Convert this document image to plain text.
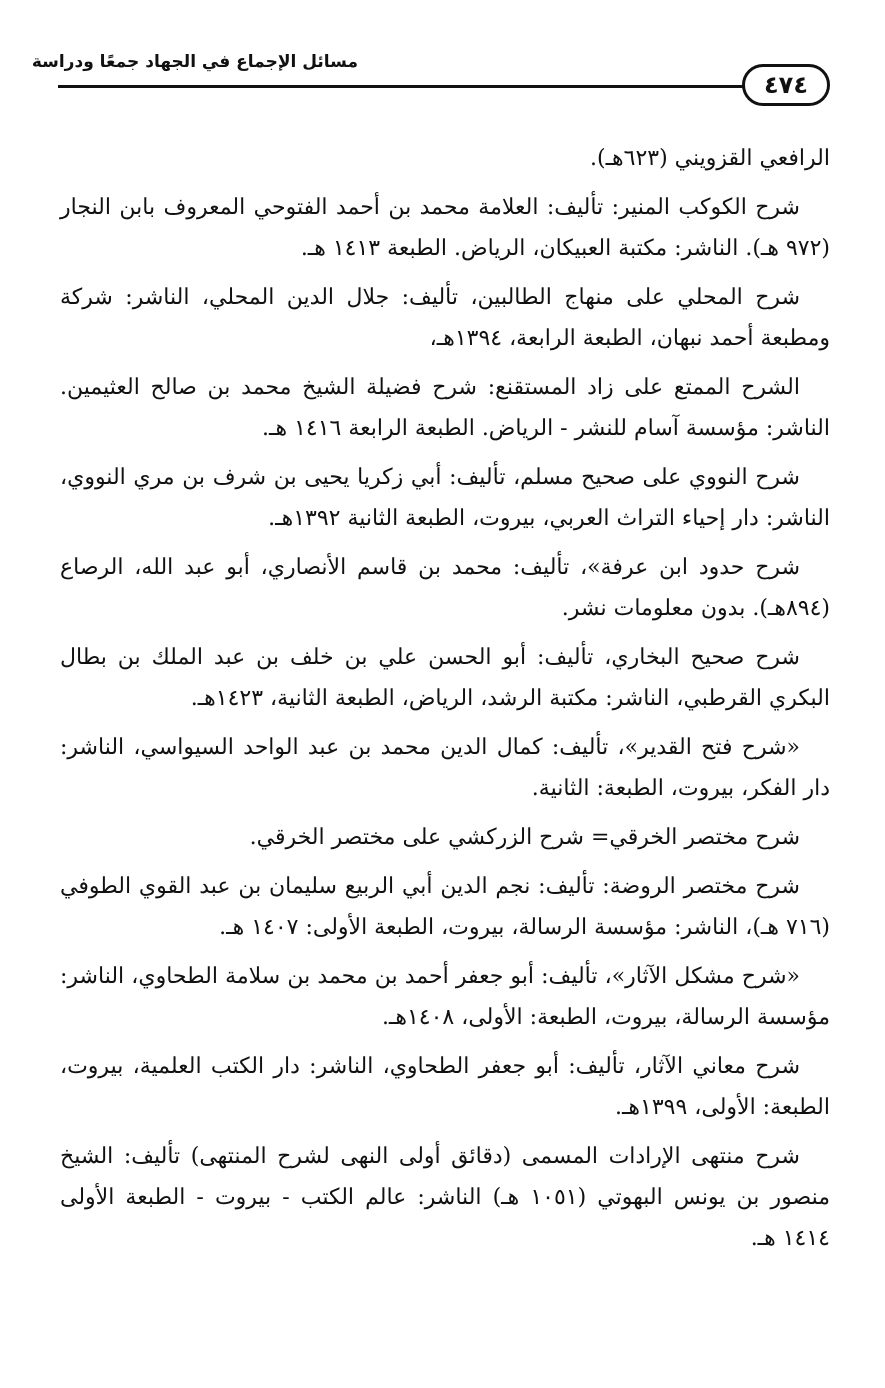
مسائل الإجماع في الجهاد جمعًا ودراسة
٤٧٤

الرافعي القزويني (٦٢٣هـ).

شرح الكوكب المنير: تأليف: العلامة محمد بن أحمد الفتوحي المعروف بابن النجار (٩٧٢ هـ). الناشر: مكتبة العبيكان، الرياض. الطبعة ١٤١٣ هـ.

شرح المحلي على منهاج الطالبين، تأليف: جلال الدين المحلي، الناشر: شركة ومطبعة أحمد نبهان، الطبعة الرابعة، ١٣٩٤هـ،

الشرح الممتع على زاد المستقنع: شرح فضيلة الشيخ محمد بن صالح العثيمين. الناشر: مؤسسة آسام للنشر - الرياض. الطبعة الرابعة ١٤١٦ هـ.

شرح النووي على صحيح مسلم، تأليف: أبي زكريا يحيى بن شرف بن مري النووي، الناشر: دار إحياء التراث العربي، بيروت، الطبعة الثانية ١٣٩٢هـ.

شرح حدود ابن عرفة»، تأليف: محمد بن قاسم الأنصاري، أبو عبد الله، الرصاع (٨٩٤هـ). بدون معلومات نشر.

شرح صحيح البخاري، تأليف: أبو الحسن علي بن خلف بن عبد الملك بن بطال البكري القرطبي، الناشر: مكتبة الرشد، الرياض، الطبعة الثانية، ١٤٢٣هـ.

«شرح فتح القدير»، تأليف: كمال الدين محمد بن عبد الواحد السيواسي، الناشر: دار الفكر، بيروت، الطبعة: الثانية.

شرح مختصر الخرقي= شرح الزركشي على مختصر الخرقي.

شرح مختصر الروضة: تأليف: نجم الدين أبي الربيع سليمان بن عبد القوي الطوفي (٧١٦ هـ)، الناشر: مؤسسة الرسالة، بيروت، الطبعة الأولى: ١٤٠٧ هـ.

«شرح مشكل الآثار»، تأليف: أبو جعفر أحمد بن محمد بن سلامة الطحاوي، الناشر: مؤسسة الرسالة، بيروت، الطبعة: الأولى، ١٤٠٨هـ.

شرح معاني الآثار، تأليف: أبو جعفر الطحاوي، الناشر: دار الكتب العلمية، بيروت، الطبعة: الأولى، ١٣٩٩هـ.

شرح منتهى الإرادات المسمى (دقائق أولى النهى لشرح المنتهى) تأليف: الشيخ منصور بن يونس البهوتي (١٠٥١ هـ) الناشر: عالم الكتب - بيروت - الطبعة الأولى ١٤١٤ هـ.
